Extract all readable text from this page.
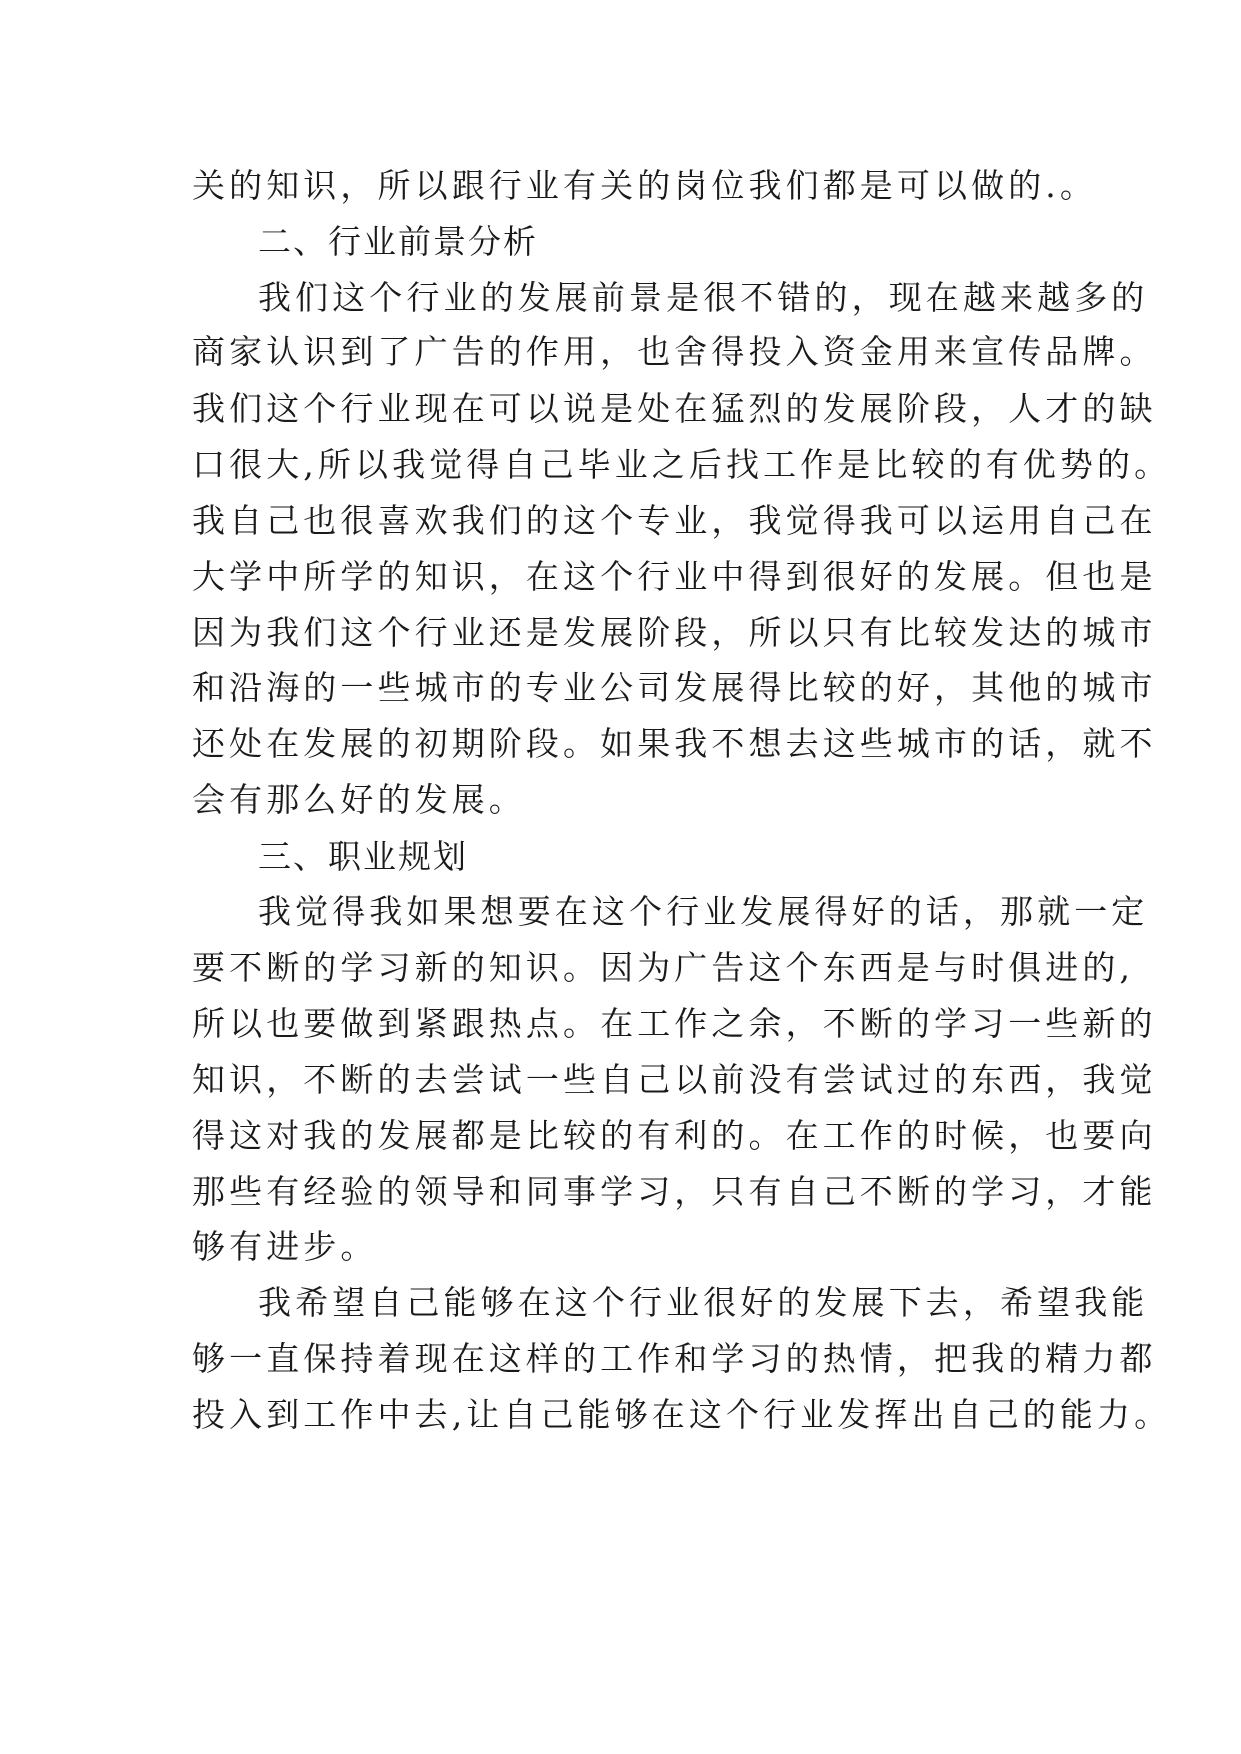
关的知识，所以跟行业有关的岗位我们都是可以做的.。
二、行业前景分析
我们这个行业的发展前景是很不错的，现在越来越多的
商家认识到了广告的作用，也舍得投入资金用来宣传品牌。
我们这个行业现在可以说是处在猛烈的发展阶段，人才的缺
口很大,所以我觉得自己毕业之后找工作是比较的有优势的。
我自己也很喜欢我们的这个专业，我觉得我可以运用自己在
大学中所学的知识，在这个行业中得到很好的发展。但也是
因为我们这个行业还是发展阶段，所以只有比较发达的城市
和沿海的一些城市的专业公司发展得比较的好，其他的城市
还处在发展的初期阶段。如果我不想去这些城市的话，就不
会有那么好的发展。
三、职业规划
我觉得我如果想要在这个行业发展得好的话，那就一定
要不断的学习新的知识。因为广告这个东西是与时俱进的,
所以也要做到紧跟热点。在工作之余，不断的学习一些新的
知识，不断的去尝试一些自己以前没有尝试过的东西，我觉
得这对我的发展都是比较的有利的。在工作的时候，也要向
那些有经验的领导和同事学习，只有自己不断的学习，才能
够有进步。
我希望自己能够在这个行业很好的发展下去，希望我能
够一直保持着现在这样的工作和学习的热情，把我的精力都
投入到工作中去,让自己能够在这个行业发挥出自己的能力。
